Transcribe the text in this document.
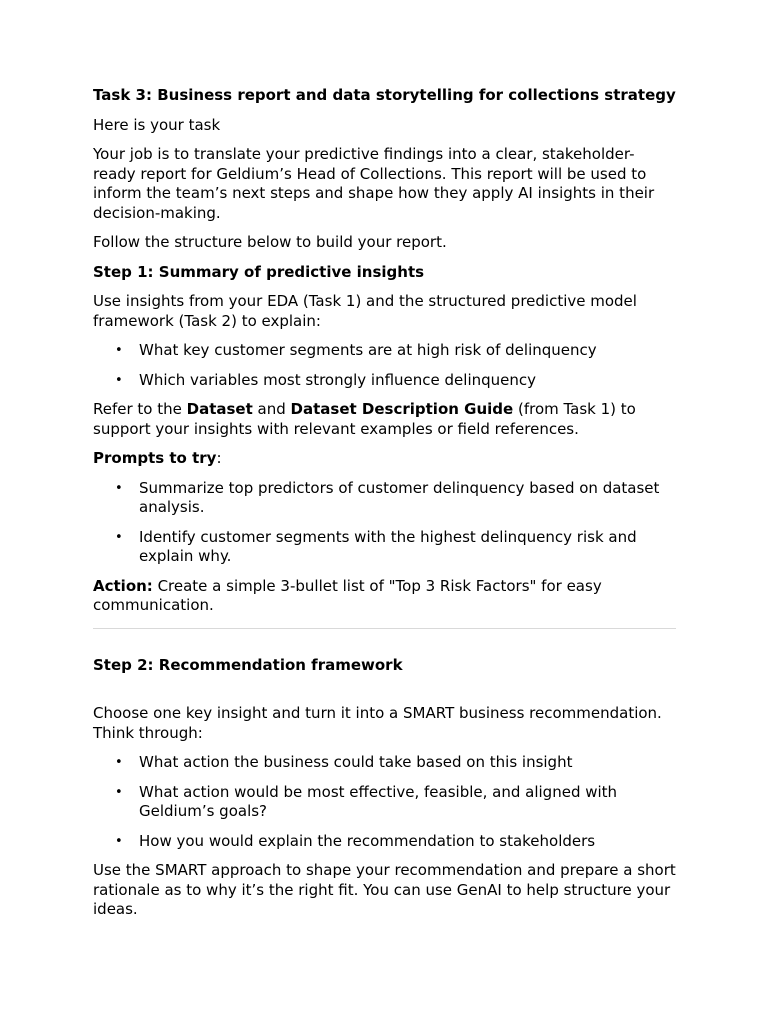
Task 3: Business report and data storytelling for collections strategy

Here is your task

Your job is to translate your predictive findings into a clear, stakeholder-ready report for Geldium’s Head of Collections. This report will be used to inform the team’s next steps and shape how they apply AI insights in their decision-making.

Follow the structure below to build your report.

Step 1: Summary of predictive insights

Use insights from your EDA (Task 1) and the structured predictive model framework (Task 2) to explain:

• What key customer segments are at high risk of delinquency
• Which variables most strongly influence delinquency

Refer to the Dataset and Dataset Description Guide (from Task 1) to support your insights with relevant examples or field references.

Prompts to try:

• Summarize top predictors of customer delinquency based on dataset analysis.
• Identify customer segments with the highest delinquency risk and explain why.

Action: Create a simple 3-bullet list of "Top 3 Risk Factors" for easy communication.

Step 2: Recommendation framework

Choose one key insight and turn it into a SMART business recommendation. Think through:

• What action the business could take based on this insight
• What action would be most effective, feasible, and aligned with Geldium’s goals?
• How you would explain the recommendation to stakeholders

Use the SMART approach to shape your recommendation and prepare a short rationale as to why it’s the right fit. You can use GenAI to help structure your ideas.
